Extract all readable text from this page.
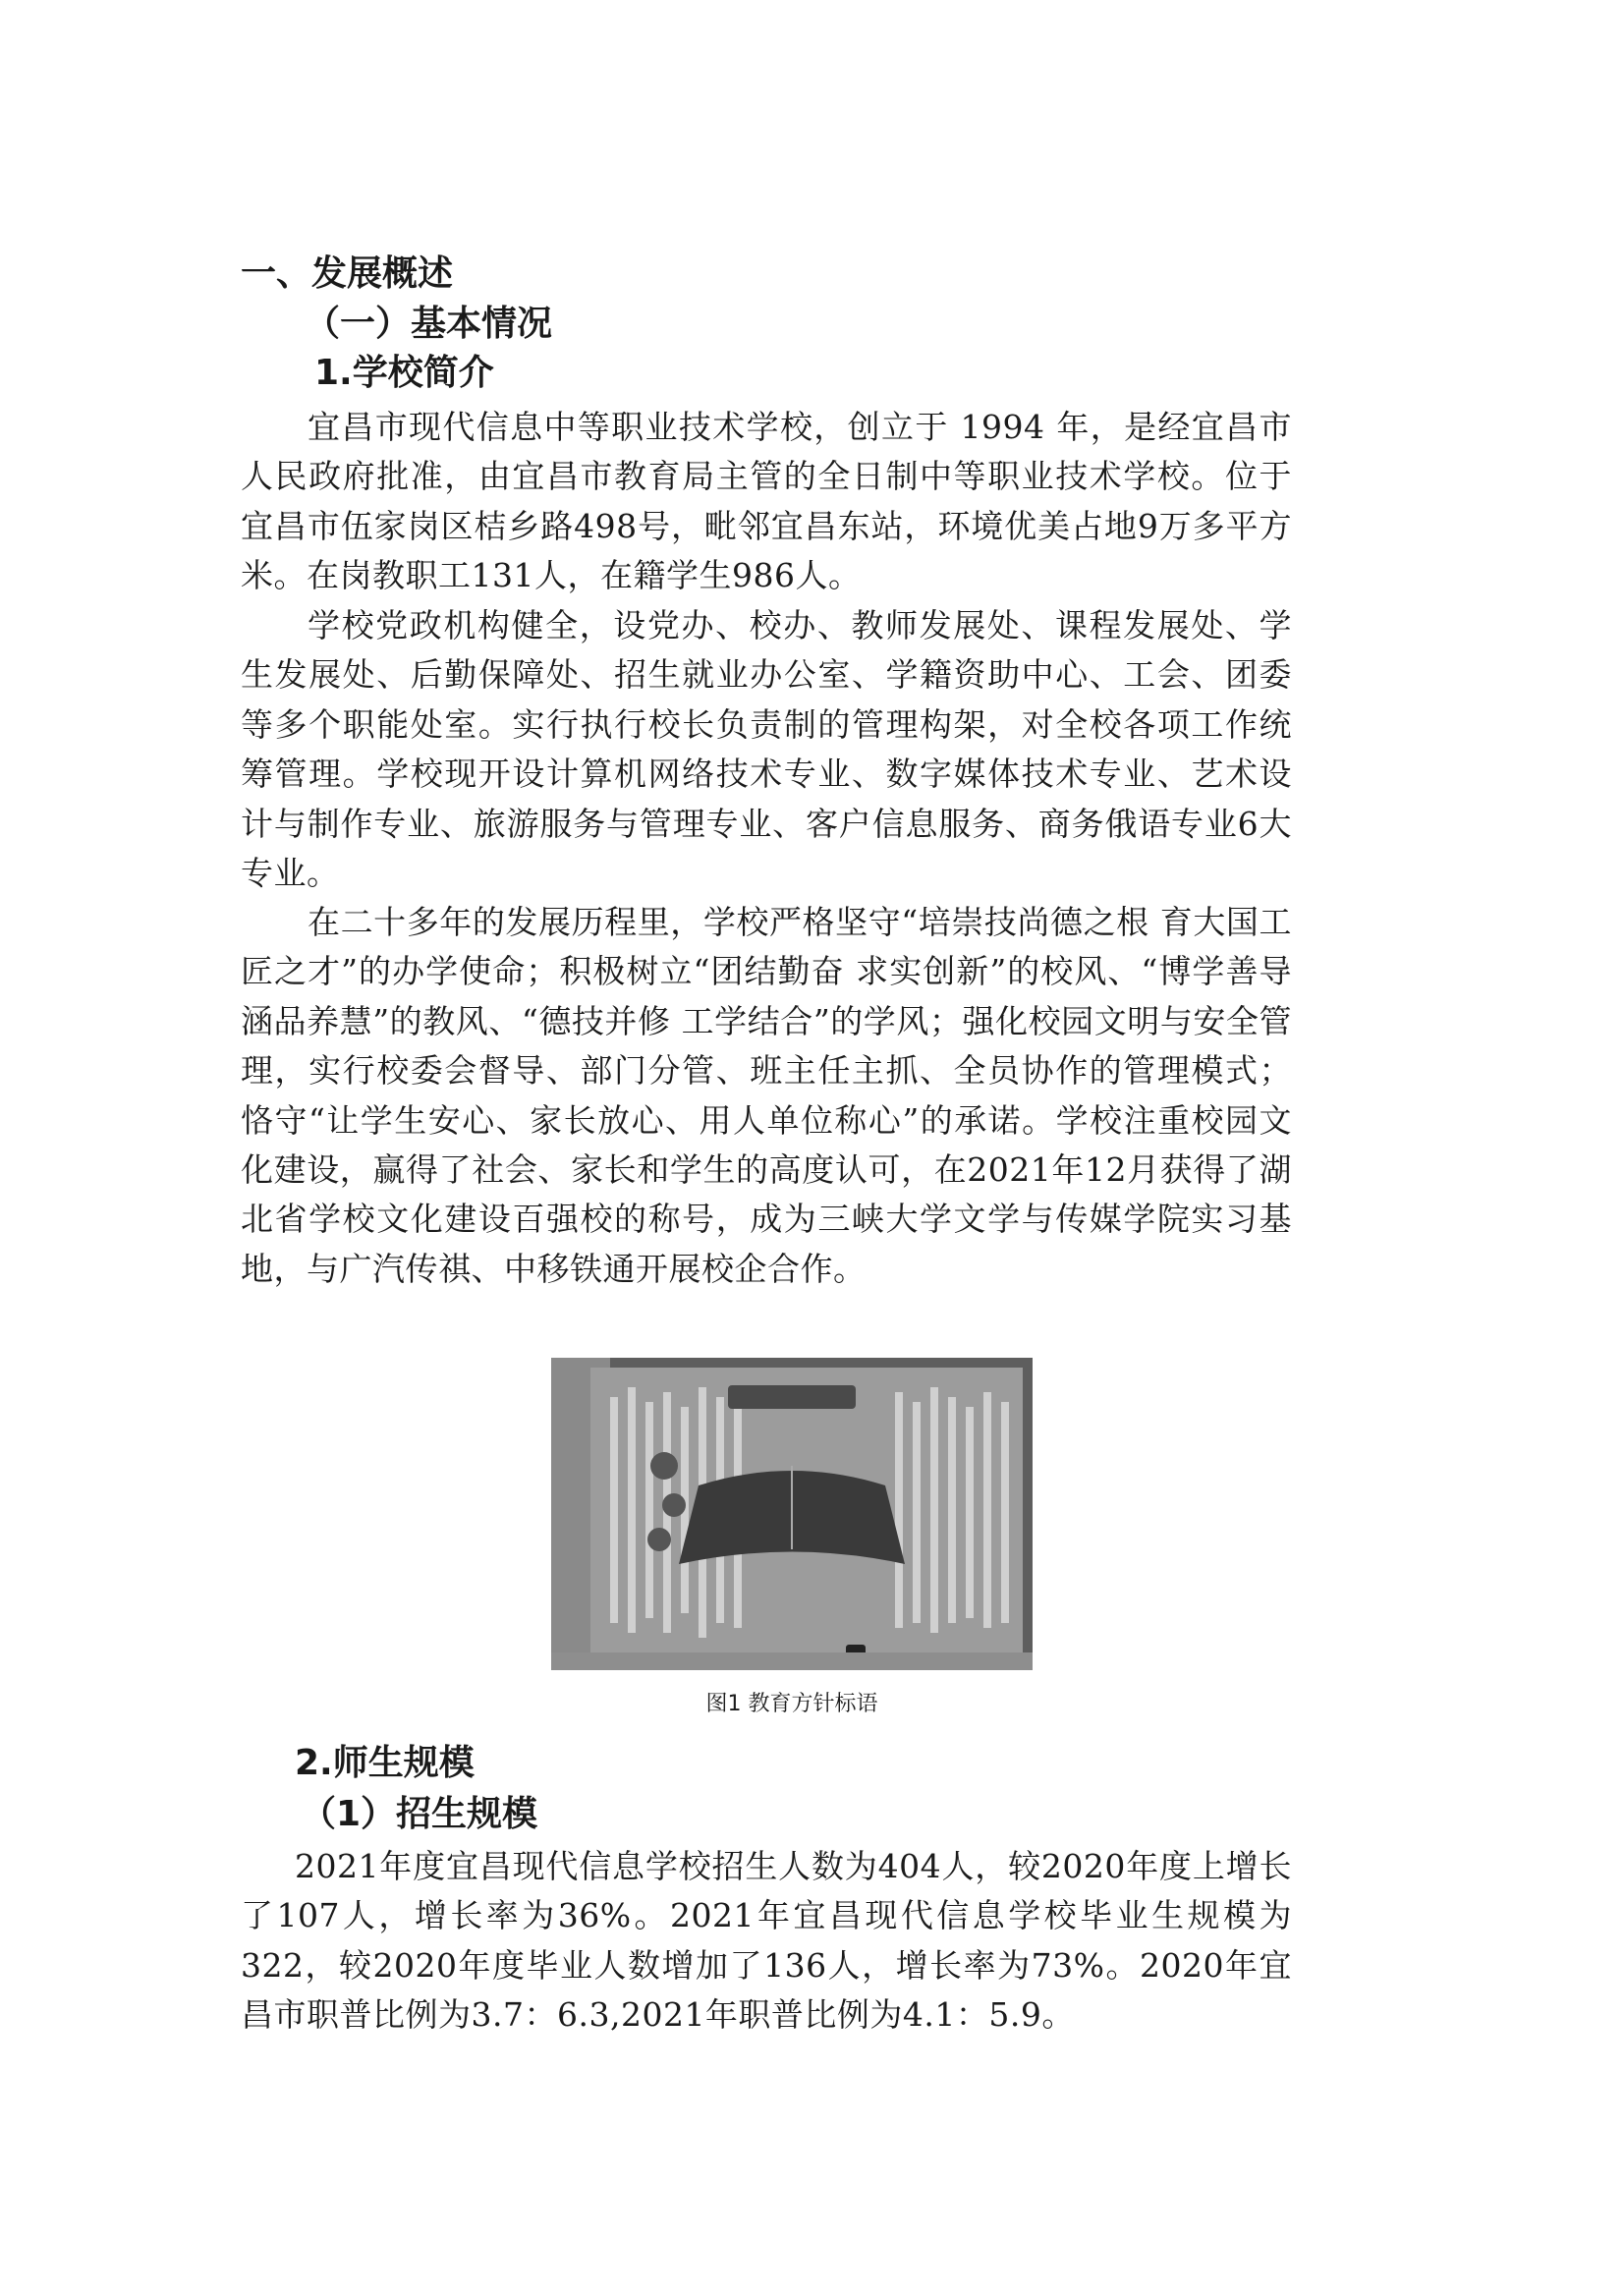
一、发展概述
（一）基本情况
1.学校简介

宜昌市现代信息中等职业技术学校，创立于 1994 年，是经宜昌市人民政府批准，由宜昌市教育局主管的全日制中等职业技术学校。位于宜昌市伍家岗区桔乡路498号，毗邻宜昌东站，环境优美占地9万多平方米。在岗教职工131人，在籍学生986人。

学校党政机构健全，设党办、校办、教师发展处、课程发展处、学生发展处、后勤保障处、招生就业办公室、学籍资助中心、工会、团委等多个职能处室。实行执行校长负责制的管理构架，对全校各项工作统筹管理。学校现开设计算机网络技术专业、数字媒体技术专业、艺术设计与制作专业、旅游服务与管理专业、客户信息服务、商务俄语专业6大专业。

在二十多年的发展历程里，学校严格坚守“培崇技尚德之根 育大国工匠之才”的办学使命；积极树立“团结勤奋 求实创新”的校风、“博学善导 涵品养慧”的教风、“德技并修 工学结合”的学风；强化校园文明与安全管理，实行校委会督导、部门分管、班主任主抓、全员协作的管理模式；恪守“让学生安心、家长放心、用人单位称心”的承诺。学校注重校园文化建设，赢得了社会、家长和学生的高度认可，在2021年12月获得了湖北省学校文化建设百强校的称号，成为三峡大学文学与传媒学院实习基地，与广汽传祺、中移铁通开展校企合作。

图1 教育方针标语

2.师生规模
（1）招生规模

2021年度宜昌现代信息学校招生人数为404人，较2020年度上增长了107人，增长率为36%。2021年宜昌现代信息学校毕业生规模为322，较2020年度毕业人数增加了136人，增长率为73%。2020年宜昌市职普比例为3.7：6.3,2021年职普比例为4.1：5.9。
